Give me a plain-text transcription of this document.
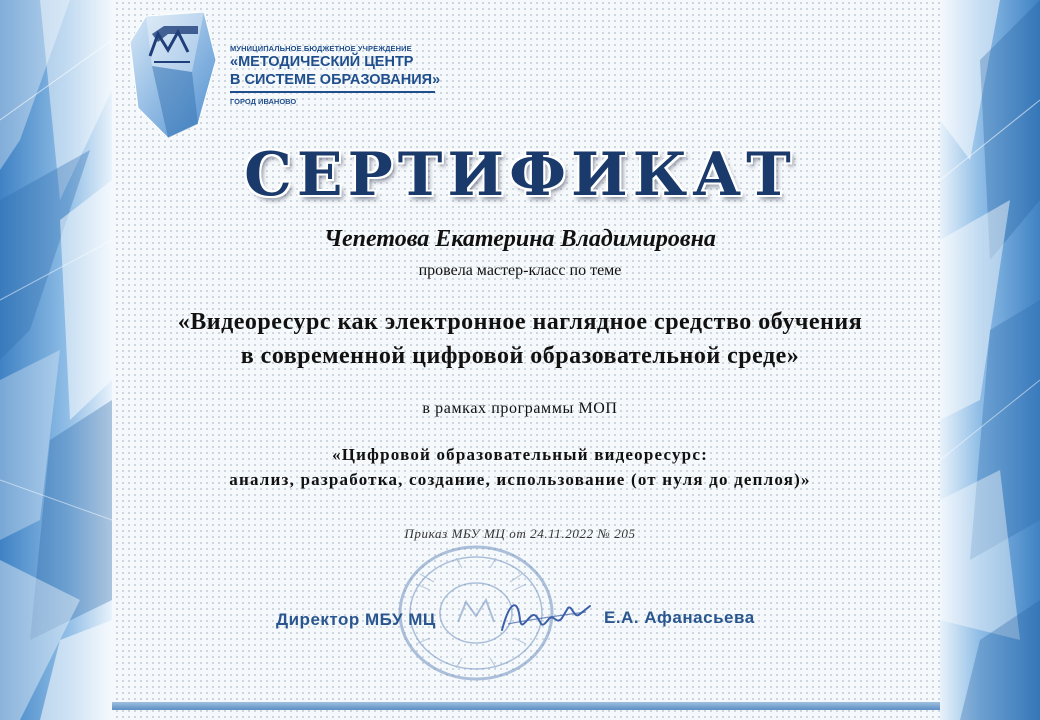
МУНИЦИПАЛЬНОЕ БЮДЖЕТНОЕ УЧРЕЖДЕНИЕ
«МЕТОДИЧЕСКИЙ ЦЕНТР
В СИСТЕМЕ ОБРАЗОВАНИЯ»
ГОРОД ИВАНОВО
СЕРТИФИКАТ
Чепетова Екатерина Владимировна
провела мастер-класс по теме
«Видеоресурс как электронное наглядное средство обучения
в современной цифровой образовательной среде»
в рамках программы МОП
«Цифровой образовательный видеоресурс:
анализ, разработка, создание, использование (от нуля до деплоя)»
Приказ МБУ МЦ от 24.11.2022 № 205
Директор МБУ МЦ	Е.А. Афанасьева
